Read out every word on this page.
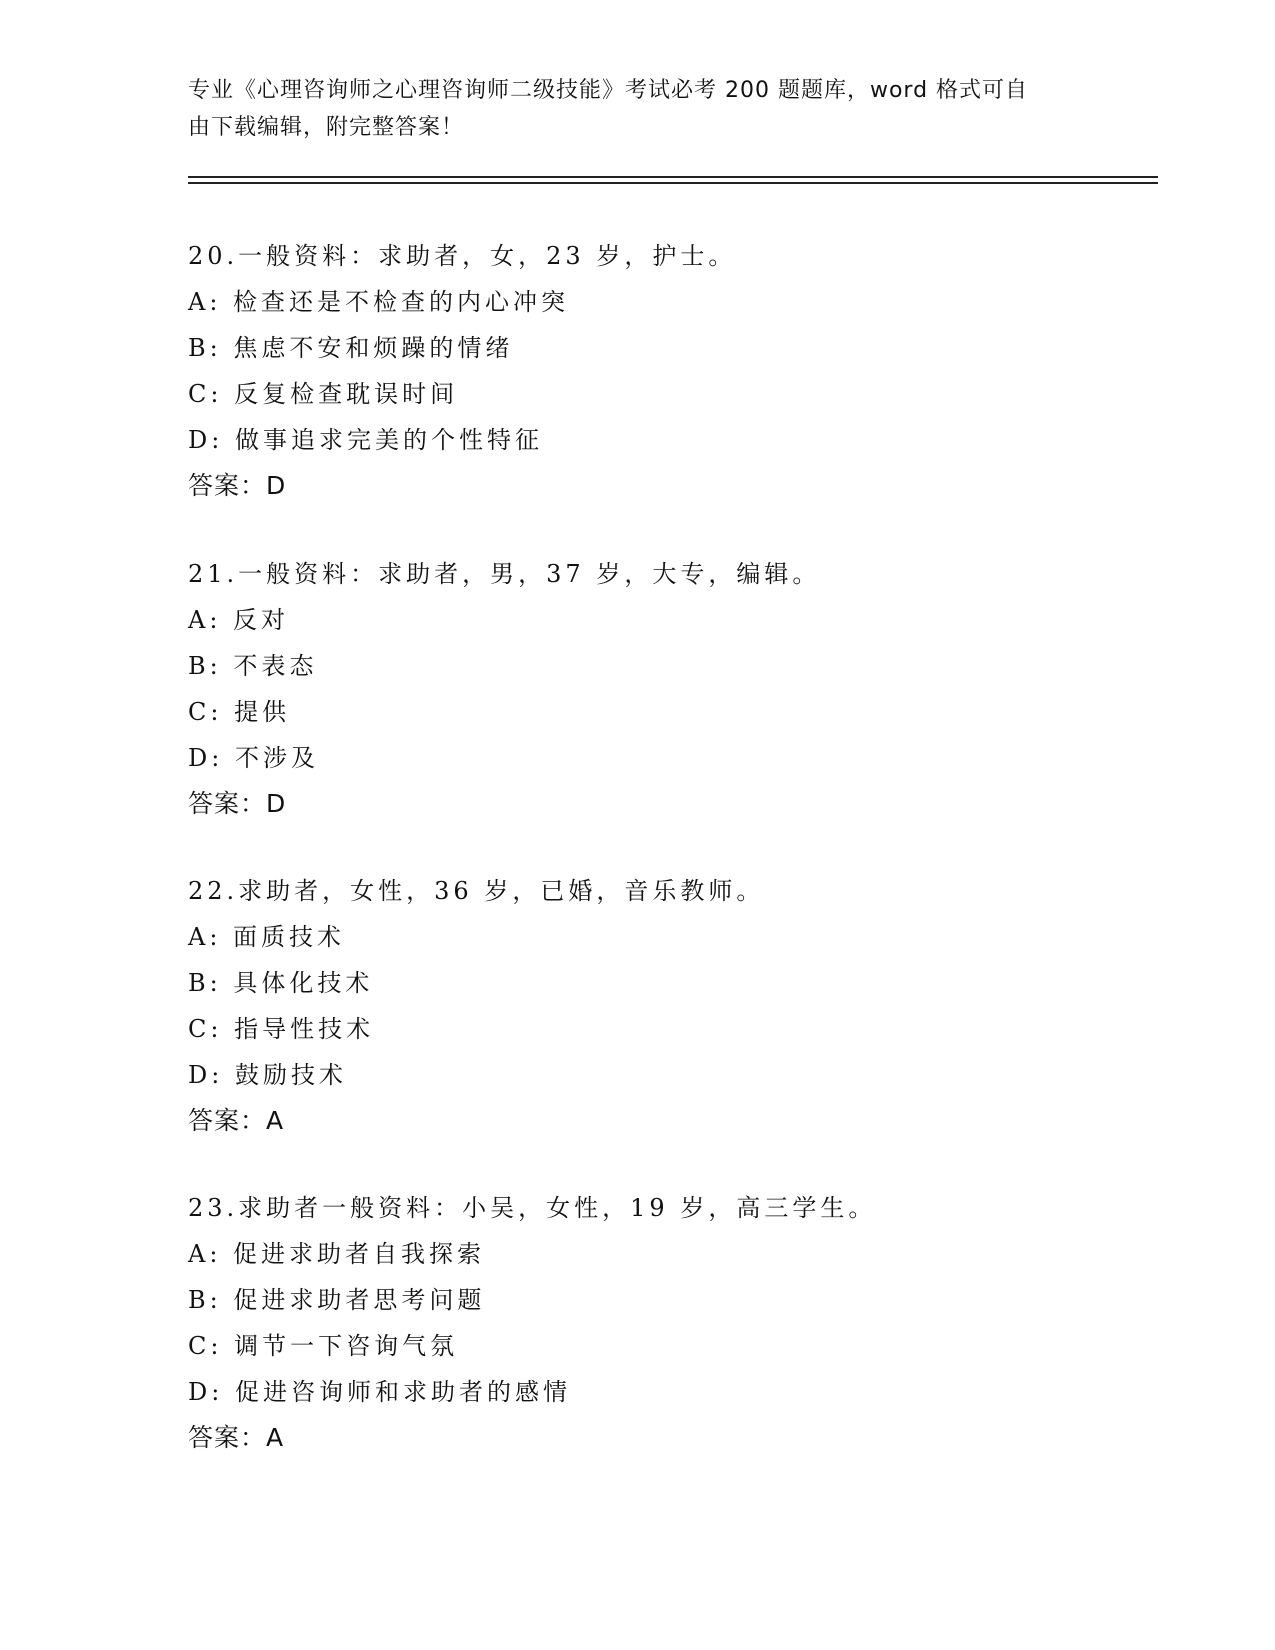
专业《心理咨询师之心理咨询师二级技能》考试必考 200 题题库，word 格式可自
由下载编辑，附完整答案！
20.一般资料：求助者，女，23 岁，护士。
A: 检查还是不检查的内心冲突
B: 焦虑不安和烦躁的情绪
C: 反复检查耽误时间
D: 做事追求完美的个性特征
答案：D
21.一般资料：求助者，男，37 岁，大专，编辑。
A: 反对
B: 不表态
C: 提供
D: 不涉及
答案：D
22.求助者，女性，36 岁，已婚，音乐教师。
A: 面质技术
B: 具体化技术
C: 指导性技术
D: 鼓励技术
答案：A
23.求助者一般资料：小吴，女性，19 岁，高三学生。
A: 促进求助者自我探索
B: 促进求助者思考问题
C: 调节一下咨询气氛
D: 促进咨询师和求助者的感情
答案：A
